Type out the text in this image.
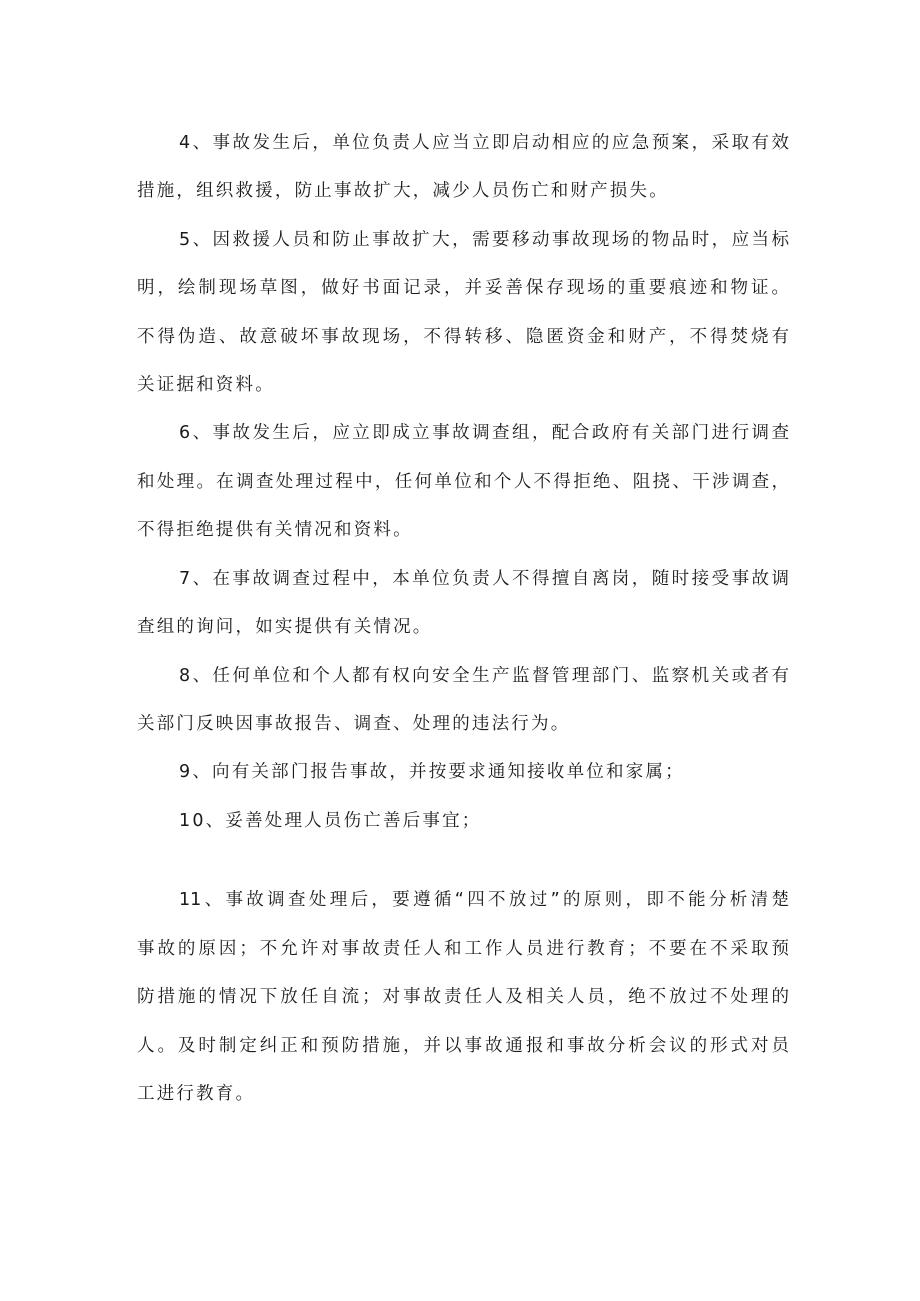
4、事故发生后，单位负责人应当立即启动相应的应急预案，采取有效
措施，组织救援，防止事故扩大，减少人员伤亡和财产损失。
5、因救援人员和防止事故扩大，需要移动事故现场的物品时，应当标
明，绘制现场草图，做好书面记录，并妥善保存现场的重要痕迹和物证。
不得伪造、故意破坏事故现场，不得转移、隐匿资金和财产，不得焚烧有
关证据和资料。
6、事故发生后，应立即成立事故调查组，配合政府有关部门进行调查
和处理。在调查处理过程中，任何单位和个人不得拒绝、阻挠、干涉调查，
不得拒绝提供有关情况和资料。
7、在事故调查过程中，本单位负责人不得擅自离岗，随时接受事故调
查组的询问，如实提供有关情况。
8、任何单位和个人都有权向安全生产监督管理部门、监察机关或者有
关部门反映因事故报告、调查、处理的违法行为。
9、向有关部门报告事故，并按要求通知接收单位和家属；
10、妥善处理人员伤亡善后事宜；
11、事故调查处理后，要遵循“四不放过”的原则，即不能分析清楚
事故的原因；不允许对事故责任人和工作人员进行教育；不要在不采取预
防措施的情况下放任自流；对事故责任人及相关人员，绝不放过不处理的
人。及时制定纠正和预防措施，并以事故通报和事故分析会议的形式对员
工进行教育。
